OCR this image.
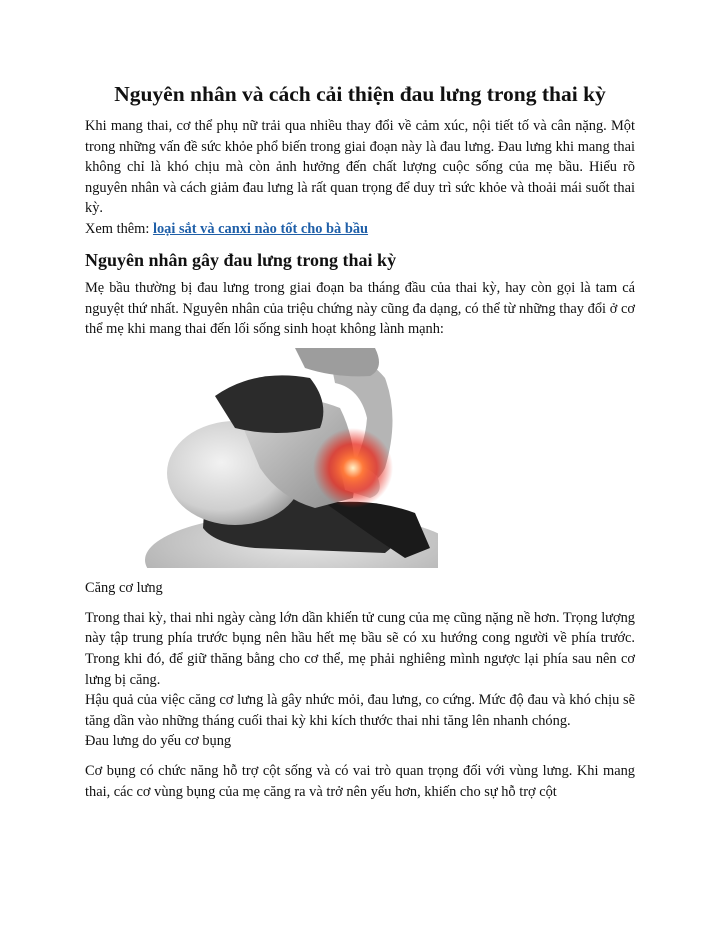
Nguyên nhân và cách cải thiện đau lưng trong thai kỳ

Khi mang thai, cơ thể phụ nữ trải qua nhiều thay đổi về cảm xúc, nội tiết tố và cân nặng. Một trong những vấn đề sức khỏe phổ biến trong giai đoạn này là đau lưng. Đau lưng khi mang thai không chỉ là khó chịu mà còn ảnh hưởng đến chất lượng cuộc sống của mẹ bầu. Hiểu rõ nguyên nhân và cách giảm đau lưng là rất quan trọng để duy trì sức khỏe và thoải mái suốt thai kỳ.

Xem thêm: loại sắt và canxi nào tốt cho bà bầu
Nguyên nhân gây đau lưng trong thai kỳ

Mẹ bầu thường bị đau lưng trong giai đoạn ba tháng đầu của thai kỳ, hay còn gọi là tam cá nguyệt thứ nhất. Nguyên nhân của triệu chứng này cũng đa dạng, có thể từ những thay đổi ở cơ thể mẹ khi mang thai đến lối sống sinh hoạt không lành mạnh:

Căng cơ lưng

Trong thai kỳ, thai nhi ngày càng lớn dần khiến tử cung của mẹ cũng nặng nề hơn. Trọng lượng này tập trung phía trước bụng nên hầu hết mẹ bầu sẽ có xu hướng cong người về phía trước. Trong khi đó, để giữ thăng bằng cho cơ thể, mẹ phải nghiêng mình ngược lại phía sau nên cơ lưng bị căng.

Hậu quả của việc căng cơ lưng là gây nhức mỏi, đau lưng, co cứng. Mức độ đau và khó chịu sẽ tăng dần vào những tháng cuối thai kỳ khi kích thước thai nhi tăng lên nhanh chóng.

Đau lưng do yếu cơ bụng

Cơ bụng có chức năng hỗ trợ cột sống và có vai trò quan trọng đối với vùng lưng. Khi mang thai, các cơ vùng bụng của mẹ căng ra và trở nên yếu hơn, khiến cho sự hỗ trợ cột
